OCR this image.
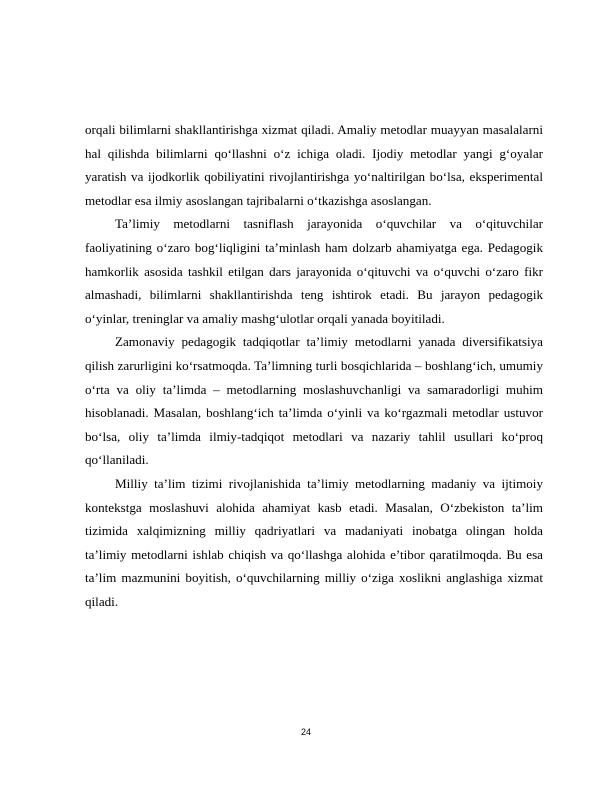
orqali bilimlarni shakllantirishga xizmat qiladi. Amaliy metodlar muayyan masalalarni hal qilishda bilimlarni qo‘llashni o‘z ichiga oladi. Ijodiy metodlar yangi g‘oyalar yaratish va ijodkorlik qobiliyatini rivojlantirishga yo‘naltirilgan bo‘lsa, eksperimental metodlar esa ilmiy asoslangan tajribalarni o‘tkazishga asoslangan.

Ta’limiy metodlarni tasniflash jarayonida o‘quvchilar va o‘qituvchilar faoliyatining o‘zaro bog‘liqligini ta’minlash ham dolzarb ahamiyatga ega. Pedagogik hamkorlik asosida tashkil etilgan dars jarayonida o‘qituvchi va o‘quvchi o‘zaro fikr almashadi, bilimlarni shakllantirishda teng ishtirok etadi. Bu jarayon pedagogik o‘yinlar, treninglar va amaliy mashg‘ulotlar orqali yanada boyitiladi.

Zamonaviy pedagogik tadqiqotlar ta’limiy metodlarni yanada diversifikatsiya qilish zarurligini ko‘rsatmoqda. Ta’limning turli bosqichlarida – boshlang‘ich, umumiy o‘rta va oliy ta’limda – metodlarning moslashuvchanligi va samaradorligi muhim hisoblanadi. Masalan, boshlang‘ich ta’limda o‘yinli va ko‘rgazmali metodlar ustuvor bo‘lsa, oliy ta’limda ilmiy-tadqiqot metodlari va nazariy tahlil usullari ko‘proq qo‘llaniladi.

Milliy ta’lim tizimi rivojlanishida ta’limiy metodlarning madaniy va ijtimoiy kontekstga moslashuvi alohida ahamiyat kasb etadi. Masalan, O‘zbekiston ta’lim tizimida xalqimizning milliy qadriyatlari va madaniyati inobatga olingan holda ta’limiy metodlarni ishlab chiqish va qo‘llashga alohida e’tibor qaratilmoqda. Bu esa ta’lim mazmunini boyitish, o‘quvchilarning milliy o‘ziga xoslikni anglashiga xizmat qiladi.

24
